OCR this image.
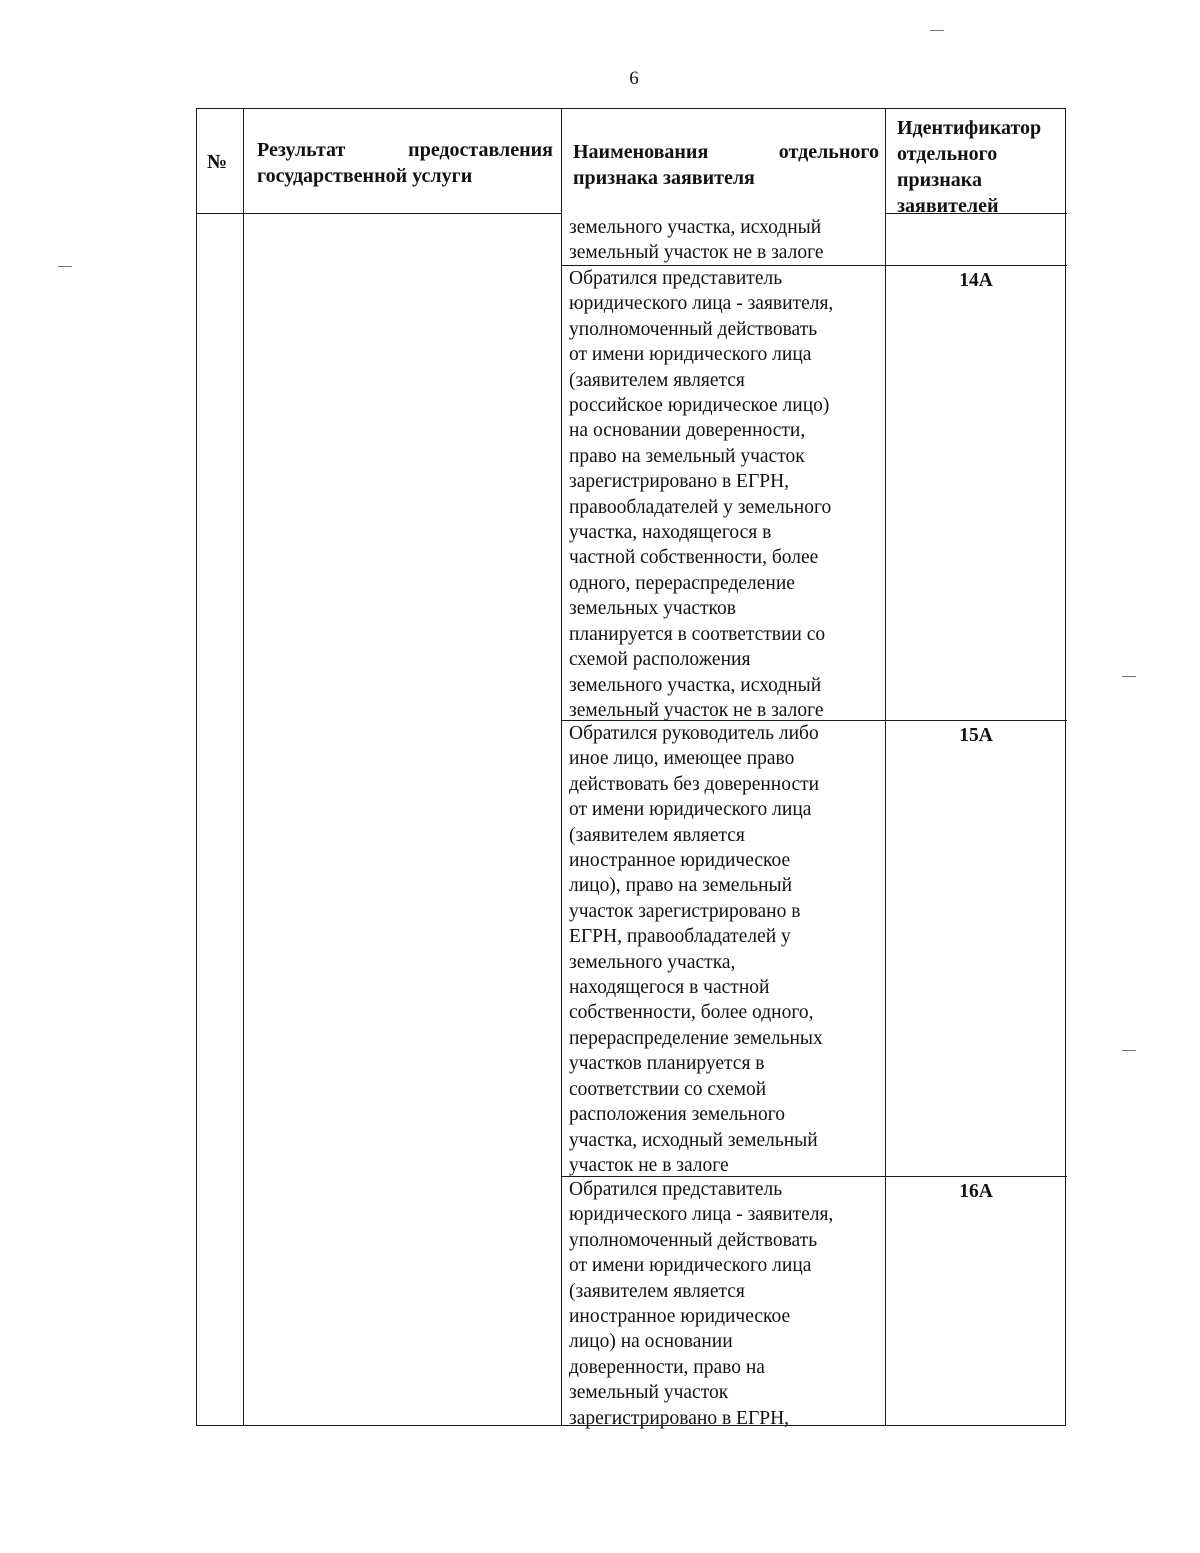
6
№
Результат	предоставления
государственной услуги
Наименования	отдельного
признака заявителя
Идентификатор отдельного признака заявителей
земельного участка, исходный
земельный участок не в залоге
Обратился представитель
юридического лица - заявителя,
уполномоченный действовать
от имени юридического лица
(заявителем является
российское юридическое лицо)
на основании доверенности,
право на земельный участок
зарегистрировано в ЕГРН,
правообладателей у земельного
участка, находящегося в
частной собственности, более
одного, перераспределение
земельных участков
планируется в соответствии со
схемой расположения
земельного участка, исходный
земельный участок не в залоге
14А
Обратился руководитель либо
иное лицо, имеющее право
действовать без доверенности
от имени юридического лица
(заявителем является
иностранное юридическое
лицо), право на земельный
участок зарегистрировано в
ЕГРН, правообладателей у
земельного участка,
находящегося в частной
собственности, более одного,
перераспределение земельных
участков планируется в
соответствии со схемой
расположения земельного
участка, исходный земельный
участок не в залоге
15А
Обратился представитель
юридического лица - заявителя,
уполномоченный действовать
от имени юридического лица
(заявителем является
иностранное юридическое
лицо) на основании
доверенности, право на
земельный участок
зарегистрировано в ЕГРН,
16А
